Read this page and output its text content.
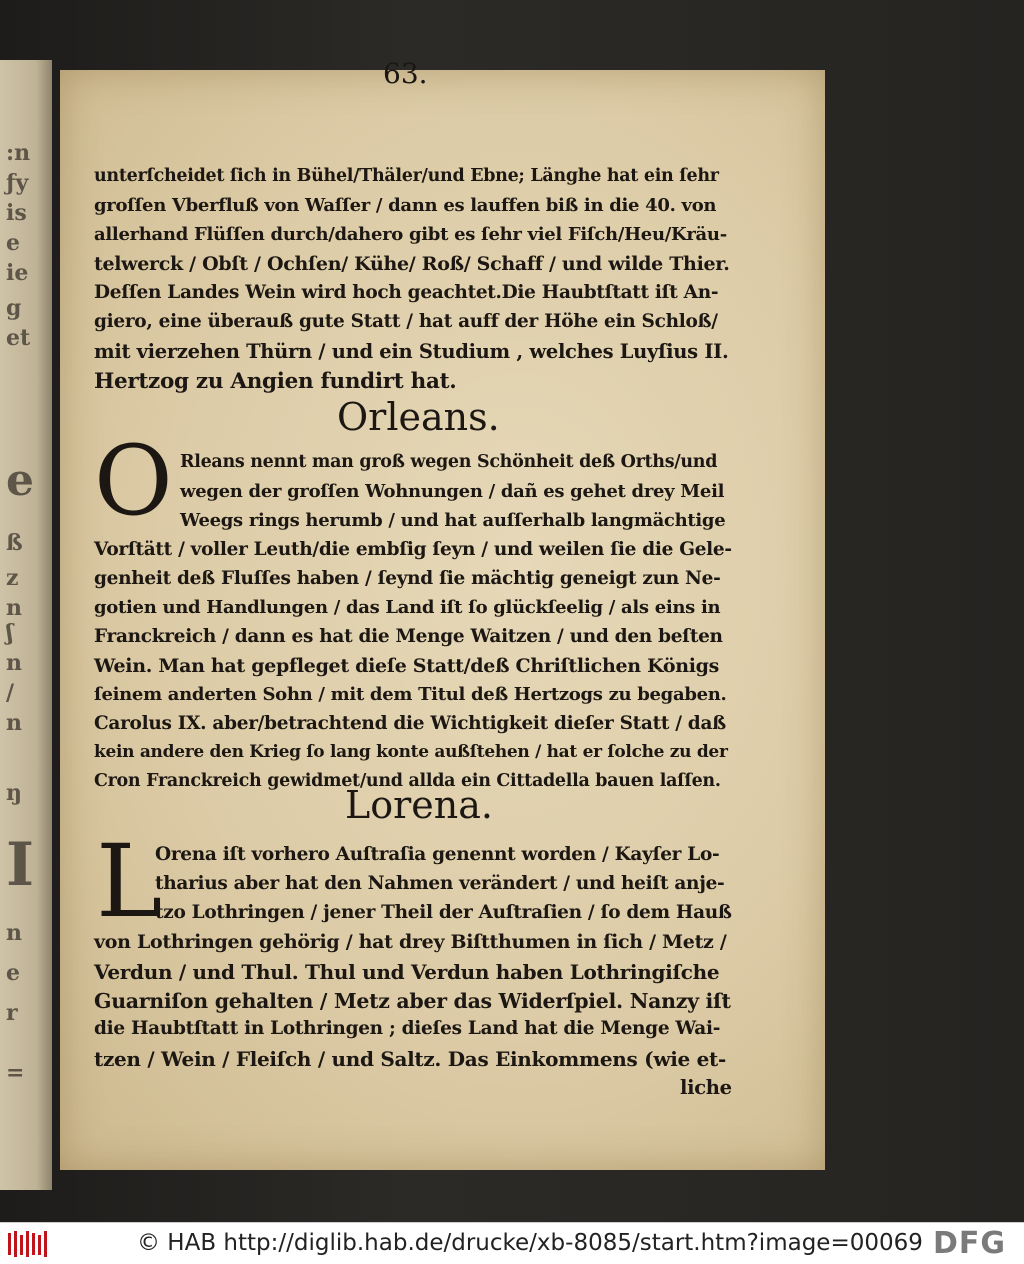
:n
ƒy
is
e
ie
g
et
e
ß
z
n
ʃ
n
/
n
ŋ
I
n
e
r
=
63.
unterſcheidet ſich in Bühel/Thäler/und Ebne; Länghe hat ein ſehr
groſſen Vberfluß von Waſſer / dann es lauffen biß in die 40. von
allerhand Flüſſen durch/dahero gibt es ſehr viel Fiſch/Heu/Kräu-
telwerck / Obſt / Ochſen/ Kühe/ Roß/ Schaff / und wilde Thier.
Deſſen Landes Wein wird hoch geachtet.Die Haubtſtatt iſt An-
giero, eine überauß gute Statt / hat auff der Höhe ein Schloß/
mit vierzehen Thürn / und ein Studium , welches Luyſius II.
Hertzog zu Angien fundirt hat.
Orleans.
O Rleans nennt man groß wegen Schönheit deß Orths/und
wegen der groſſen Wohnungen / dañ es gehet drey Meil
Weegs rings herumb / und hat auſſerhalb langmächtige
Vorſtätt / voller Leuth/die embſig ſeyn / und weilen ſie die Gele-
genheit deß Fluſſes haben / ſeynd ſie mächtig geneigt zun Ne-
gotien und Handlungen / das Land iſt ſo glückſeelig / als eins in
Franckreich / dann es hat die Menge Waitzen / und den beſten
Wein. Man hat gepfleget dieſe Statt/deß Chriſtlichen Königs
ſeinem anderten Sohn / mit dem Titul deß Hertzogs zu begaben.
Carolus IX. aber/betrachtend die Wichtigkeit dieſer Statt / daß
kein andere den Krieg ſo lang konte außſtehen / hat er ſolche zu der
Cron Franckreich gewidmet/und allda ein Cittadella bauen laſſen.
Lorena.
L
Orena iſt vorhero Auſtraſia genennt worden / Kayſer Lo-
tharius aber hat den Nahmen verändert / und heiſt anje-
tzo Lothringen / jener Theil der Auſtraſien / ſo dem Hauß
von Lothringen gehörig / hat drey Biſtthumen in ſich / Metz /
Verdun / und Thul. Thul und Verdun haben Lothringiſche
Guarniſon gehalten / Metz aber das Widerſpiel. Nanzy iſt
die Haubtſtatt in Lothringen ; dieſes Land hat die Menge Wai-
tzen / Wein / Fleiſch / und Saltz. Das Einkommens (wie et-
liche
© HAB http://diglib.hab.de/drucke/xb-8085/start.htm?image=00069 DFG
